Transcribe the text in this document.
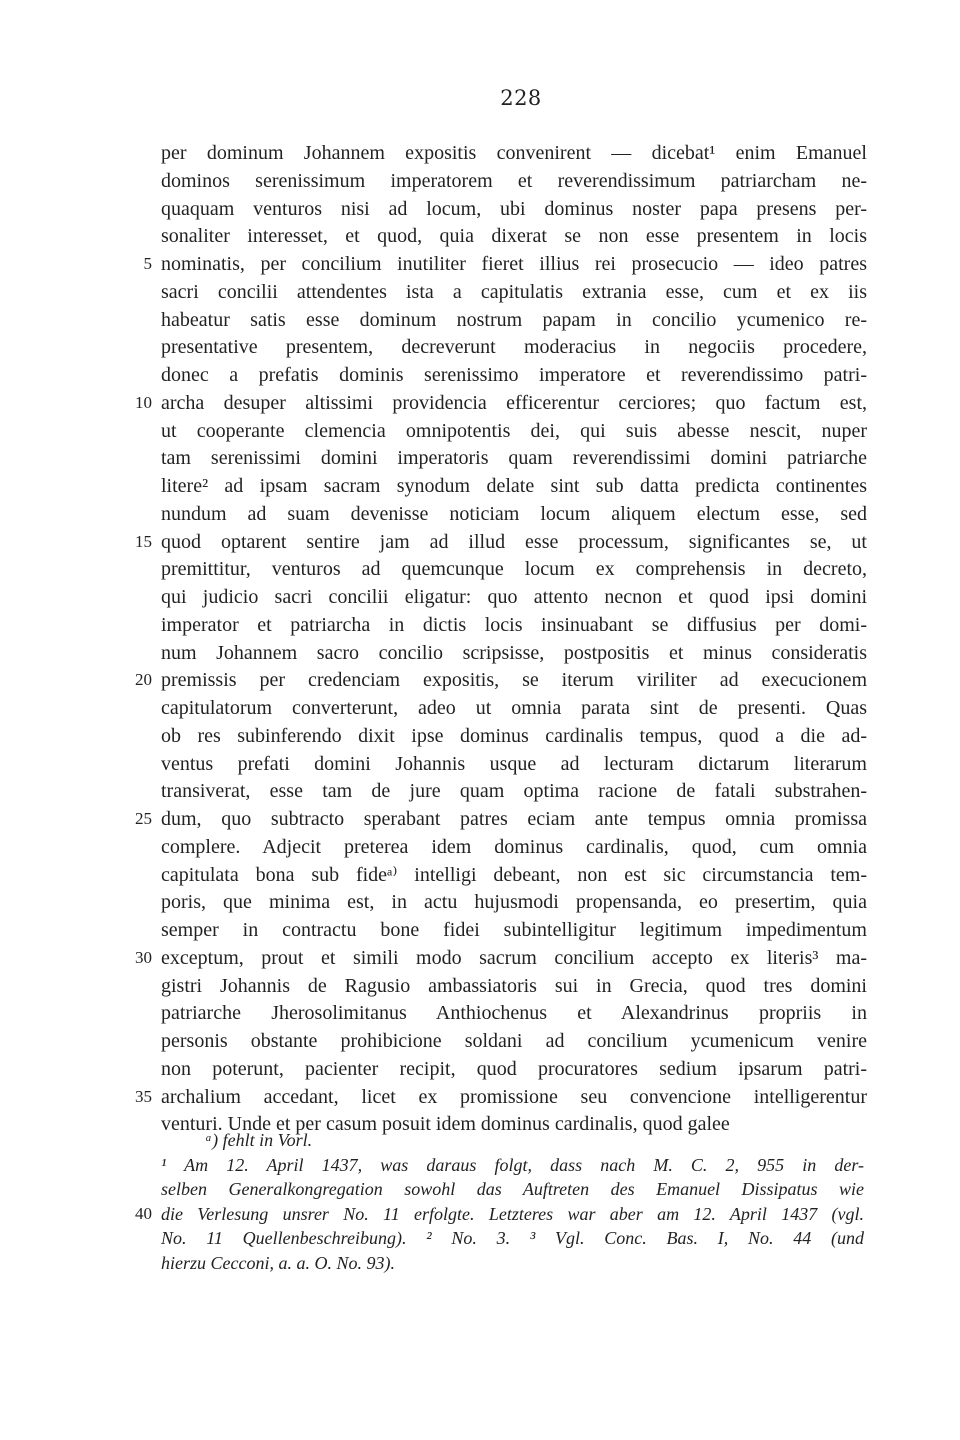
228
per dominum Johannem expositis convenirent — dicebat¹ enim Emanuel
dominos serenissimum imperatorem et reverendissimum patriarcham ne-
quaquam venturos nisi ad locum, ubi dominus noster papa presens per-
sonaliter interesset, et quod, quia dixerat se non esse presentem in locis
nominatis, per concilium inutiliter fieret illius rei prosecucio — ideo patres
5
sacri concilii attendentes ista a capitulatis extrania esse, cum et ex iis
habeatur satis esse dominum nostrum papam in concilio ycumenico re-
presentative presentem, decreverunt moderacius in negociis procedere,
donec a prefatis dominis serenissimo imperatore et reverendissimo patri-
archa desuper altissimi providencia efficerentur cerciores; quo factum est,
10
ut cooperante clemencia omnipotentis dei, qui suis abesse nescit, nuper
tam serenissimi domini imperatoris quam reverendissimi domini patriarche
litere² ad ipsam sacram synodum delate sint sub datta predicta continentes
nundum ad suam devenisse noticiam locum aliquem electum esse, sed
quod optarent sentire jam ad illud esse processum, significantes se, ut
15
premittitur, venturos ad quemcunque locum ex comprehensis in decreto,
qui judicio sacri concilii eligatur: quo attento necnon et quod ipsi domini
imperator et patriarcha in dictis locis insinuabant se diffusius per domi-
num Johannem sacro concilio scripsisse, postpositis et minus consideratis
premissis per credenciam expositis, se iterum viriliter ad execucionem
20
capitulatorum converterunt, adeo ut omnia parata sint de presenti. Quas
ob res subinferendo dixit ipse dominus cardinalis tempus, quod a die ad-
ventus prefati domini Johannis usque ad lecturam dictarum literarum
transiverat, esse tam de jure quam optima racione de fatali substrahen-
dum, quo subtracto sperabant patres eciam ante tempus omnia promissa
25
complere. Adjecit preterea idem dominus cardinalis, quod, cum omnia
capitulata bona sub fideᵃ⁾ intelligi debeant, non est sic circumstancia tem-
poris, que minima est, in actu hujusmodi propensanda, eo presertim, quia
semper in contractu bone fidei subintelligitur legitimum impedimentum
exceptum, prout et simili modo sacrum concilium accepto ex literis³ ma-
30
gistri Johannis de Ragusio ambassiatoris sui in Grecia, quod tres domini
patriarche Jherosolimitanus Anthiochenus et Alexandrinus propriis in
personis obstante prohibicione soldani ad concilium ycumenicum venire
non poterunt, pacienter recipit, quod procuratores sedium ipsarum patri-
archalium accedant, licet ex promissione seu convencione intelligerentur
35
venturi. Unde et per casum posuit idem dominus cardinalis, quod galee
ᵃ) fehlt in Vorl.
¹ Am 12. April 1437, was daraus folgt, dass nach M. C. 2, 955 in der-
selben Generalkongregation sowohl das Auftreten des Emanuel Dissipatus wie
die Verlesung unsrer No. 11 erfolgte. Letzteres war aber am 12. April 1437 (vgl.
40
No. 11 Quellenbeschreibung). ² No. 3. ³ Vgl. Conc. Bas. I, No. 44 (und
hierzu Cecconi, a. a. O. No. 93).
